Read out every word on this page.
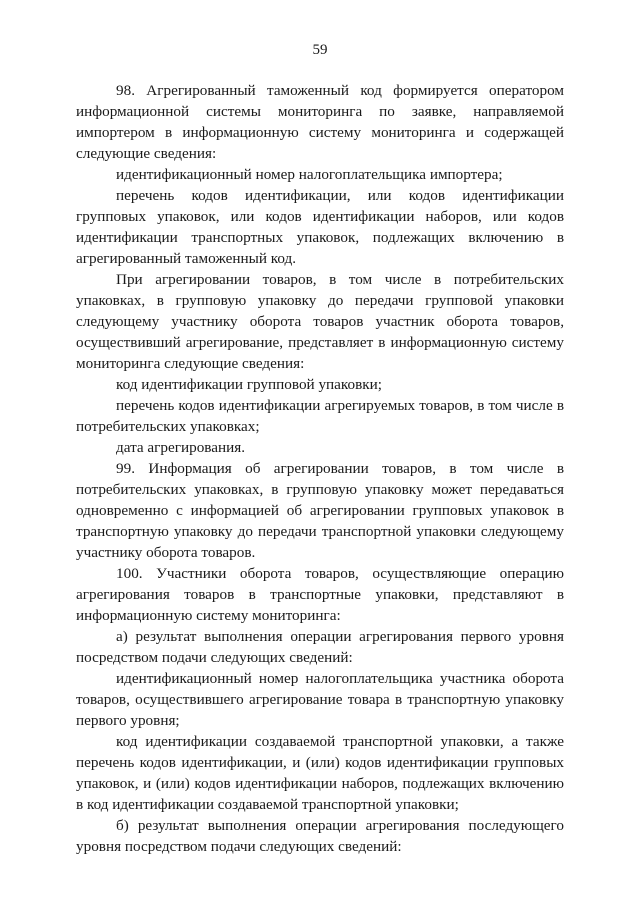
59

98. Агрегированный таможенный код формируется оператором информационной системы мониторинга по заявке, направляемой импортером в информационную систему мониторинга и содержащей следующие сведения:

идентификационный номер налогоплательщика импортера;

перечень кодов идентификации, или кодов идентификации групповых упаковок, или кодов идентификации наборов, или кодов идентификации транспортных упаковок, подлежащих включению в агрегированный таможенный код.

При агрегировании товаров, в том числе в потребительских упаковках, в групповую упаковку до передачи групповой упаковки следующему участнику оборота товаров участник оборота товаров, осуществивший агрегирование, представляет в информационную систему мониторинга следующие сведения:

код идентификации групповой упаковки;

перечень кодов идентификации агрегируемых товаров, в том числе в потребительских упаковках;

дата агрегирования.

99. Информация об агрегировании товаров, в том числе в потребительских упаковках, в групповую упаковку может передаваться одновременно с информацией об агрегировании групповых упаковок в транспортную упаковку до передачи транспортной упаковки следующему участнику оборота товаров.

100. Участники оборота товаров, осуществляющие операцию агрегирования товаров в транспортные упаковки, представляют в информационную систему мониторинга:

а) результат выполнения операции агрегирования первого уровня посредством подачи следующих сведений:

идентификационный номер налогоплательщика участника оборота товаров, осуществившего агрегирование товара в транспортную упаковку первого уровня;

код идентификации создаваемой транспортной упаковки, а также перечень кодов идентификации, и (или) кодов идентификации групповых упаковок, и (или) кодов идентификации наборов, подлежащих включению в код идентификации создаваемой транспортной упаковки;

б) результат выполнения операции агрегирования последующего уровня посредством подачи следующих сведений:
